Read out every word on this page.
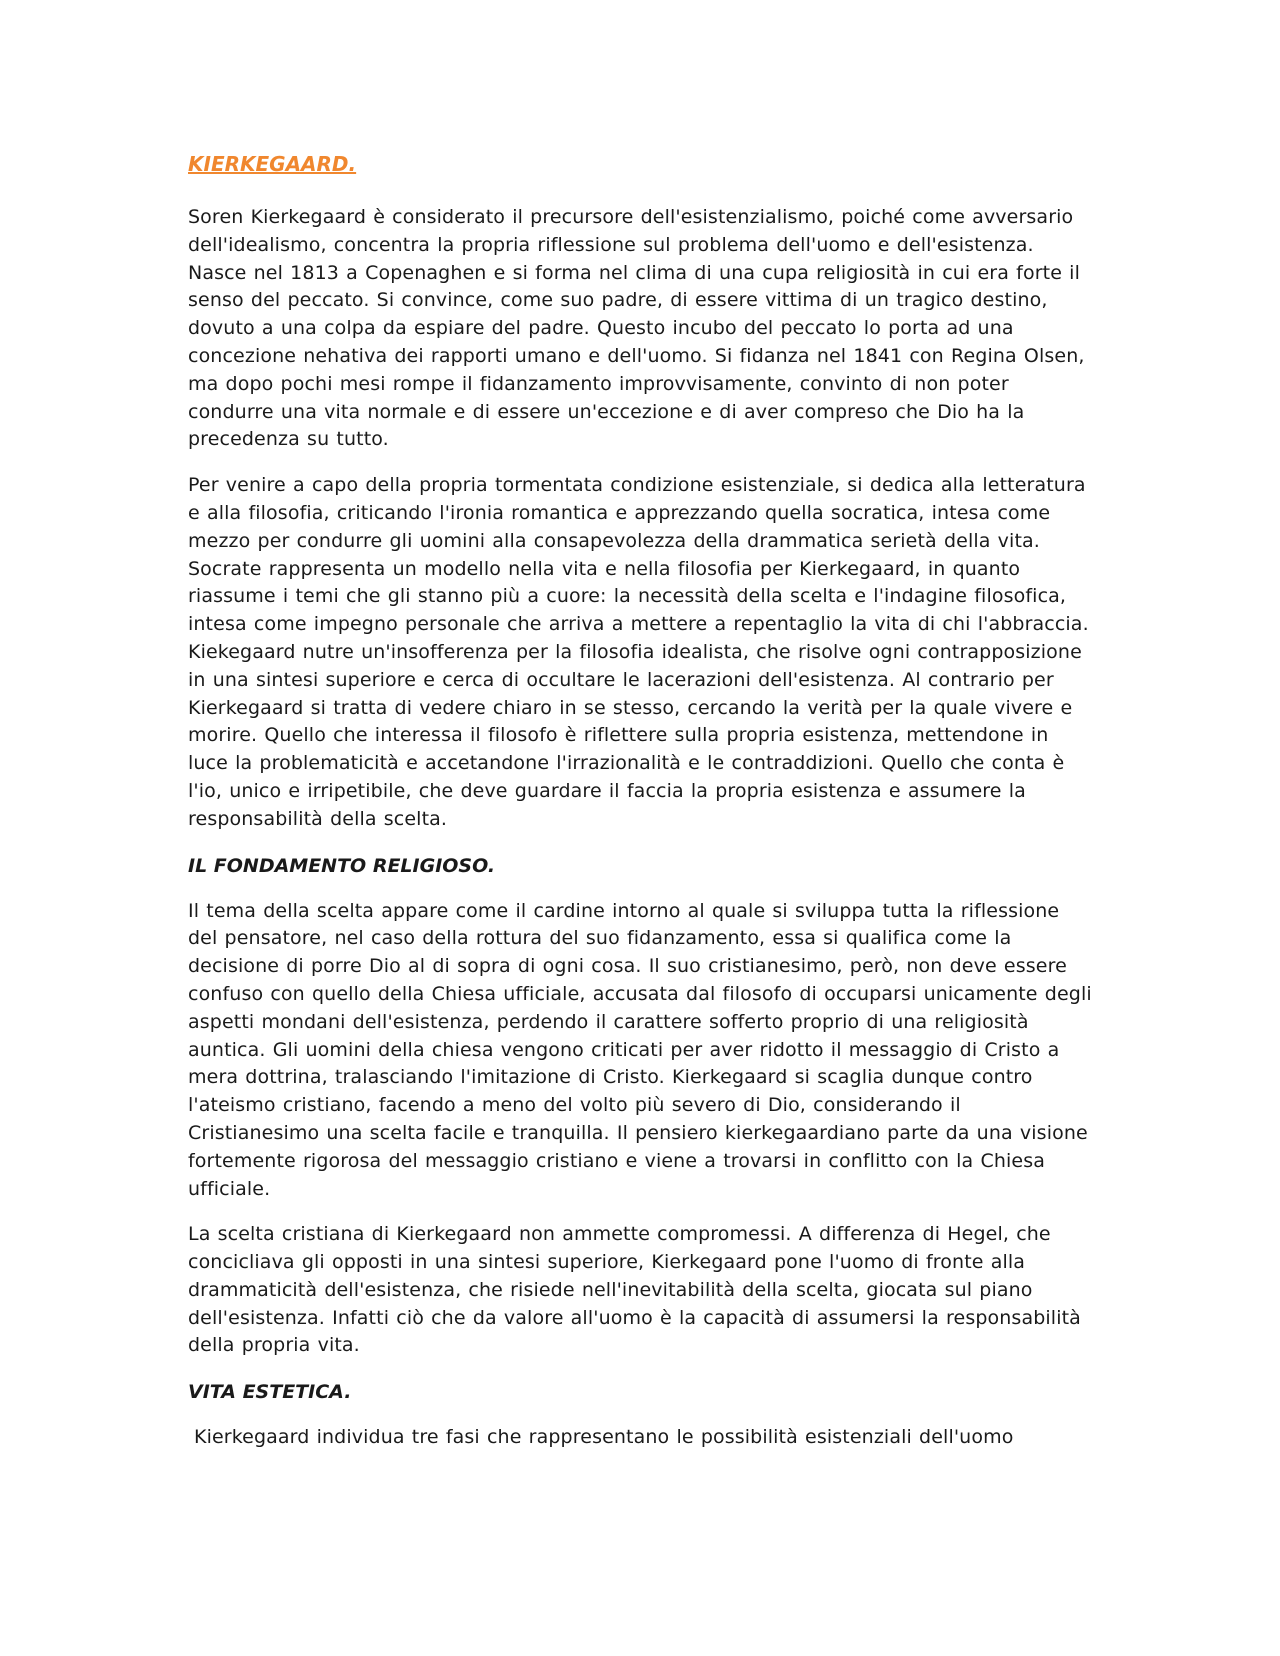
KIERKEGAARD.

Soren Kierkegaard è considerato il precursore dell'esistenzialismo, poiché come avversario dell'idealismo, concentra la propria riflessione sul problema dell'uomo e dell'esistenza. Nasce nel 1813 a Copenaghen e si forma nel clima di una cupa religiosità in cui era forte il senso del peccato. Si convince, come suo padre, di essere vittima di un tragico destino, dovuto a una colpa da espiare del padre. Questo incubo del peccato lo porta ad una concezione nehativa dei rapporti umano e dell'uomo. Si fidanza nel 1841 con Regina Olsen, ma dopo pochi mesi rompe il fidanzamento improvvisamente, convinto di non poter condurre una vita normale e di essere un'eccezione e di aver compreso che Dio ha la precedenza su tutto.

Per venire a capo della propria tormentata condizione esistenziale, si dedica alla letteratura e alla filosofia, criticando l'ironia romantica e apprezzando quella socratica, intesa come mezzo per condurre gli uomini alla consapevolezza della drammatica serietà della vita. Socrate rappresenta un modello nella vita e nella filosofia per Kierkegaard, in quanto riassume i temi che gli stanno più a cuore: la necessità della scelta e l'indagine filosofica, intesa come impegno personale che arriva a mettere a repentaglio la vita di chi l'abbraccia. Kiekegaard nutre un'insofferenza per la filosofia idealista, che risolve ogni contrapposizione in una sintesi superiore e cerca di occultare le lacerazioni dell'esistenza. Al contrario per Kierkegaard si tratta di vedere chiaro in se stesso, cercando la verità per la quale vivere e morire. Quello che interessa il filosofo è riflettere sulla propria esistenza, mettendone in luce la problematicità e accetandone l'irrazionalità e le contraddizioni. Quello che conta è l'io, unico e irripetibile, che deve guardare il faccia la propria esistenza e assumere la responsabilità della scelta.

IL FONDAMENTO RELIGIOSO.

Il tema della scelta appare come il cardine intorno al quale si sviluppa tutta la riflessione del pensatore, nel caso della rottura del suo fidanzamento, essa si qualifica come la decisione di porre Dio al di sopra di ogni cosa. Il suo cristianesimo, però, non deve essere confuso con quello della Chiesa ufficiale, accusata dal filosofo di occuparsi unicamente degli aspetti mondani dell'esistenza, perdendo il carattere sofferto proprio di una religiosità auntica. Gli uomini della chiesa vengono criticati per aver ridotto il messaggio di Cristo a mera dottrina, tralasciando l'imitazione di Cristo. Kierkegaard si scaglia dunque contro l'ateismo cristiano, facendo a meno del volto più severo di Dio, considerando il Cristianesimo una scelta facile e tranquilla. Il pensiero kierkegaardiano parte da una visione fortemente rigorosa del messaggio cristiano e viene a trovarsi in conflitto con la Chiesa ufficiale.

La scelta cristiana di Kierkegaard non ammette compromessi. A differenza di Hegel, che concicliava gli opposti in una sintesi superiore, Kierkegaard pone l'uomo di fronte alla drammaticità dell'esistenza, che risiede nell'inevitabilità della scelta, giocata sul piano dell'esistenza. Infatti ciò che da valore all'uomo è la capacità di assumersi la responsabilità della propria vita.

VITA ESTETICA.

Kierkegaard individua tre fasi che rappresentano le possibilità esistenziali dell'uomo
